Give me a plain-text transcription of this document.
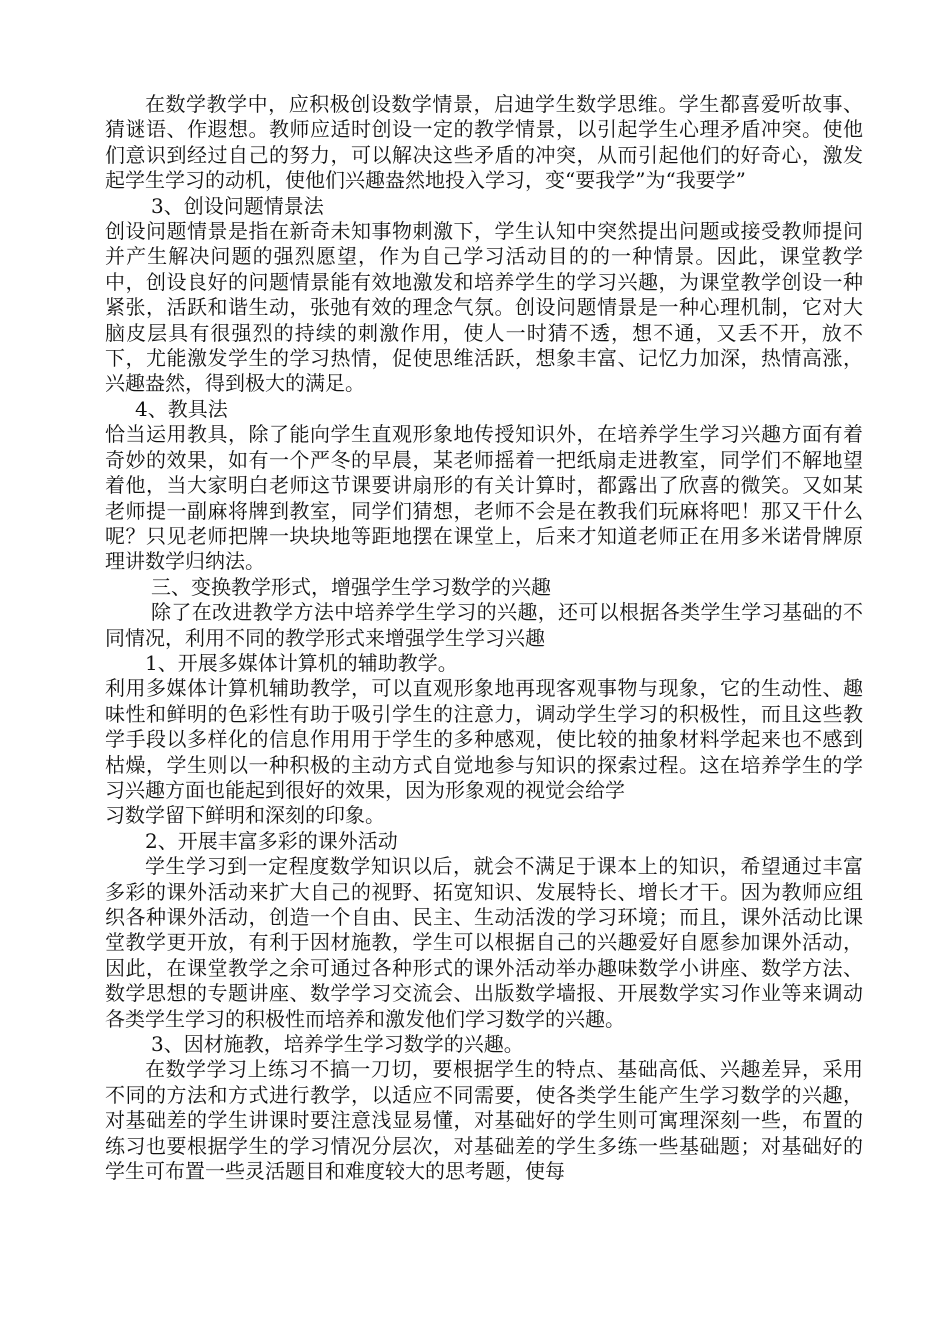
在数学教学中，应积极创设数学情景，启迪学生数学思维。学生都喜爱听故事、猜谜语、作遐想。教师应适时创设一定的教学情景，以引起学生心理矛盾冲突。使他们意识到经过自己的努力，可以解决这些矛盾的冲突，从而引起他们的好奇心，激发起学生学习的动机，使他们兴趣盎然地投入学习，变“要我学”为“我要学”

3、创设问题情景法

创设问题情景是指在新奇未知事物刺激下，学生认知中突然提出问题或接受教师提问并产生解决问题的强烈愿望，作为自己学习活动目的的一种情景。因此，课堂教学中，创设良好的问题情景能有效地激发和培养学生的学习兴趣，为课堂教学创设一种紧张，活跃和谐生动，张弛有效的理念气氛。创设问题情景是一种心理机制，它对大脑皮层具有很强烈的持续的刺激作用，使人一时猜不透，想不通，又丢不开，放不下，尤能激发学生的学习热情，促使思维活跃，想象丰富、记忆力加深，热情高涨，兴趣盎然，得到极大的满足。

4、教具法

恰当运用教具，除了能向学生直观形象地传授知识外，在培养学生学习兴趣方面有着奇妙的效果，如有一个严冬的早晨，某老师摇着一把纸扇走进教室，同学们不解地望着他，当大家明白老师这节课要讲扇形的有关计算时，都露出了欣喜的微笑。又如某老师提一副麻将牌到教室，同学们猜想，老师不会是在教我们玩麻将吧！那又干什么呢？只见老师把牌一块块地等距地摆在课堂上，后来才知道老师正在用多米诺骨牌原理讲数学归纳法。

三、变换教学形式，增强学生学习数学的兴趣

除了在改进教学方法中培养学生学习的兴趣，还可以根据各类学生学习基础的不同情况，利用不同的教学形式来增强学生学习兴趣

1、开展多媒体计算机的辅助教学。

利用多媒体计算机辅助教学，可以直观形象地再现客观事物与现象，它的生动性、趣味性和鲜明的色彩性有助于吸引学生的注意力，调动学生学习的积极性，而且这些教学手段以多样化的信息作用用于学生的多种感观，使比较的抽象材料学起来也不感到枯燥，学生则以一种积极的主动方式自觉地参与知识的探索过程。这在培养学生的学习兴趣方面也能起到很好的效果，因为形象观的视觉会给学

习数学留下鲜明和深刻的印象。

2、开展丰富多彩的课外活动

学生学习到一定程度数学知识以后，就会不满足于课本上的知识，希望通过丰富多彩的课外活动来扩大自己的视野、拓宽知识、发展特长、增长才干。因为教师应组织各种课外活动，创造一个自由、民主、生动活泼的学习环境；而且，课外活动比课堂教学更开放，有利于因材施教，学生可以根据自己的兴趣爱好自愿参加课外活动，因此，在课堂教学之余可通过各种形式的课外活动举办趣味数学小讲座、数学方法、数学思想的专题讲座、数学学习交流会、出版数学墙报、开展数学实习作业等来调动各类学生学习的积极性而培养和激发他们学习数学的兴趣。

3、因材施教，培养学生学习数学的兴趣。

在数学学习上练习不搞一刀切，要根据学生的特点、基础高低、兴趣差异，采用不同的方法和方式进行教学，以适应不同需要，使各类学生能产生学习数学的兴趣，对基础差的学生讲课时要注意浅显易懂，对基础好的学生则可寓理深刻一些，布置的练习也要根据学生的学习情况分层次，对基础差的学生多练一些基础题；对基础好的学生可布置一些灵活题目和难度较大的思考题，使每
